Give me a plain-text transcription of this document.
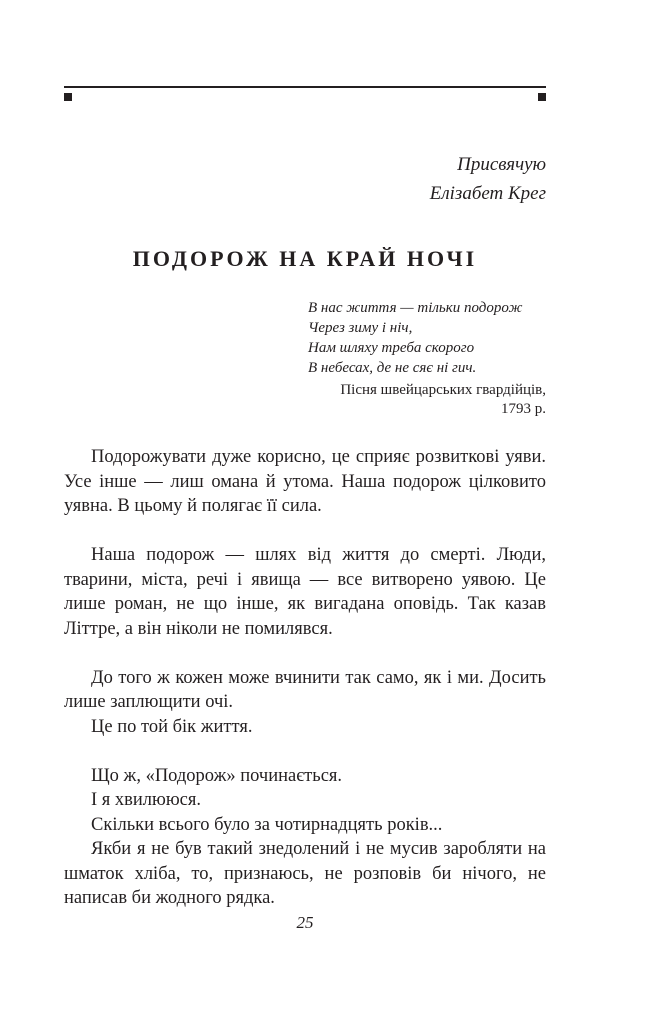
Присвячую
Елізабет Крег
ПОДОРОЖ НА КРАЙ НОЧІ
В нас життя — тільки подорож
Через зиму і ніч,
Нам шляху треба скорого
В небесах, де не сяє ні гич.
Пісня швейцарських гвардійців,
1793 р.

Подорожувати дуже корисно, це сприяє розвиткові уяви. Усе інше — лиш омана й утома. Наша подорож цілковито уявна. В цьому й полягає її сила.

Наша подорож — шлях від життя до смерті. Люди, тварини, міста, речі і явища — все витворено уявою. Це лише роман, не що інше, як вигадана оповідь. Так казав Літтре, а він ніколи не помилявся.

До того ж кожен може вчинити так само, як і ми. Досить лише заплющити очі.

Це по той бік життя.

Що ж, «Подорож» починається.

І я хвилююся.

Скільки всього було за чотирнадцять років...

Якби я не був такий знедолений і не мусив заробляти на шматок хліба, то, признаюсь, не розповів би нічого, не написав би жодного рядка.

25
